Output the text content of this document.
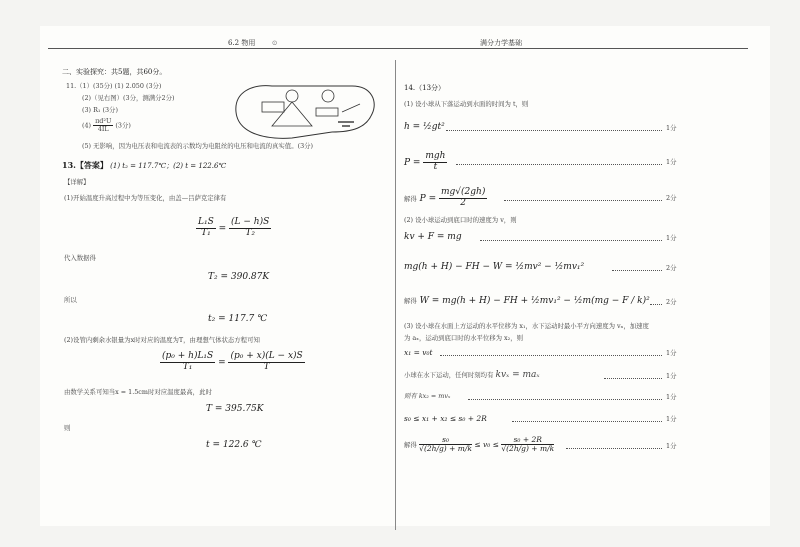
6.2 物用 ⊙	满分力学基础
二、实验探究：共5题，共60分。
11.（1）(35分) (1) 2.050 (3分)
(2)（见右图）(3分，测满分2分)
(3) R₁ (3分)
$(4) \frac{\text{πd²U}}{4IL} (3$分)
(5) 无影响，因为电压表和电流表的示数均为电阻丝的电压和电流的真实值。(3分)
13.【答案】 (1) t₂ = 117.7℃；(2) t = 122.6℃
【详解】
(1)开始温度升高过程中为等压变化，由盖—吕萨克定律有
$\frac{\text{L₁S}}{\text{T₁}} = \frac{(L - h)S}{\text{T₂}}$
代入数据得
T₂ = 390.87K
所以
t₂ = 117.7 ℃
(2)设管内剩余水银量为x时对应的温度为T，由理想气体状态方程可知
$\frac{\text{(p₀ + h)L₁S}}{\text{T₁}} = \frac{\text{(p₀ + x)(L − x)S}}{T}$
由数学关系可知当x = 1.5cm时对应温度最高，此时
T = 395.75K
则
t = 122.6 ℃
14.（13分）
(1) 设小球从下落运动到水面的时间为 t，则
h = ½gt²	1分
$P = \frac{\text{mgh}}{t}$	1分
解得 $P = \frac{mg√(2gh)}{2}$	2分
(2) 设小球运动到底口时的速度为 v，则
kv + F = mg	1分
mg(h + H) − FH − W = ½mv² − ½mv₁²	2分
解得 W = mg(h + H) − FH + ½mv₁² − ½m(mg − F / k)²	2分
(3) 设小球在水面上方运动的水平位移为 x₁，水下运动时最小平方向速度为 vₓ，加速度
为 aₓ，运动到底口时的水平位移为 x₂，则
x₁ = v₀t	1分
小球在水下运动，任何时刻均有 kvₓ = maₓ	1分
则有 kx₂ = mvₓ	1分
s₀ ≤ x₁ + x₂ ≤ s₀ + 2R	1分
解得 $\frac{\text{s₀}}{√(2h/g) + m/k} \le v_0 \le \frac{\text{s₀ + 2R}}{√(2h/g) + m/k}$	1分
